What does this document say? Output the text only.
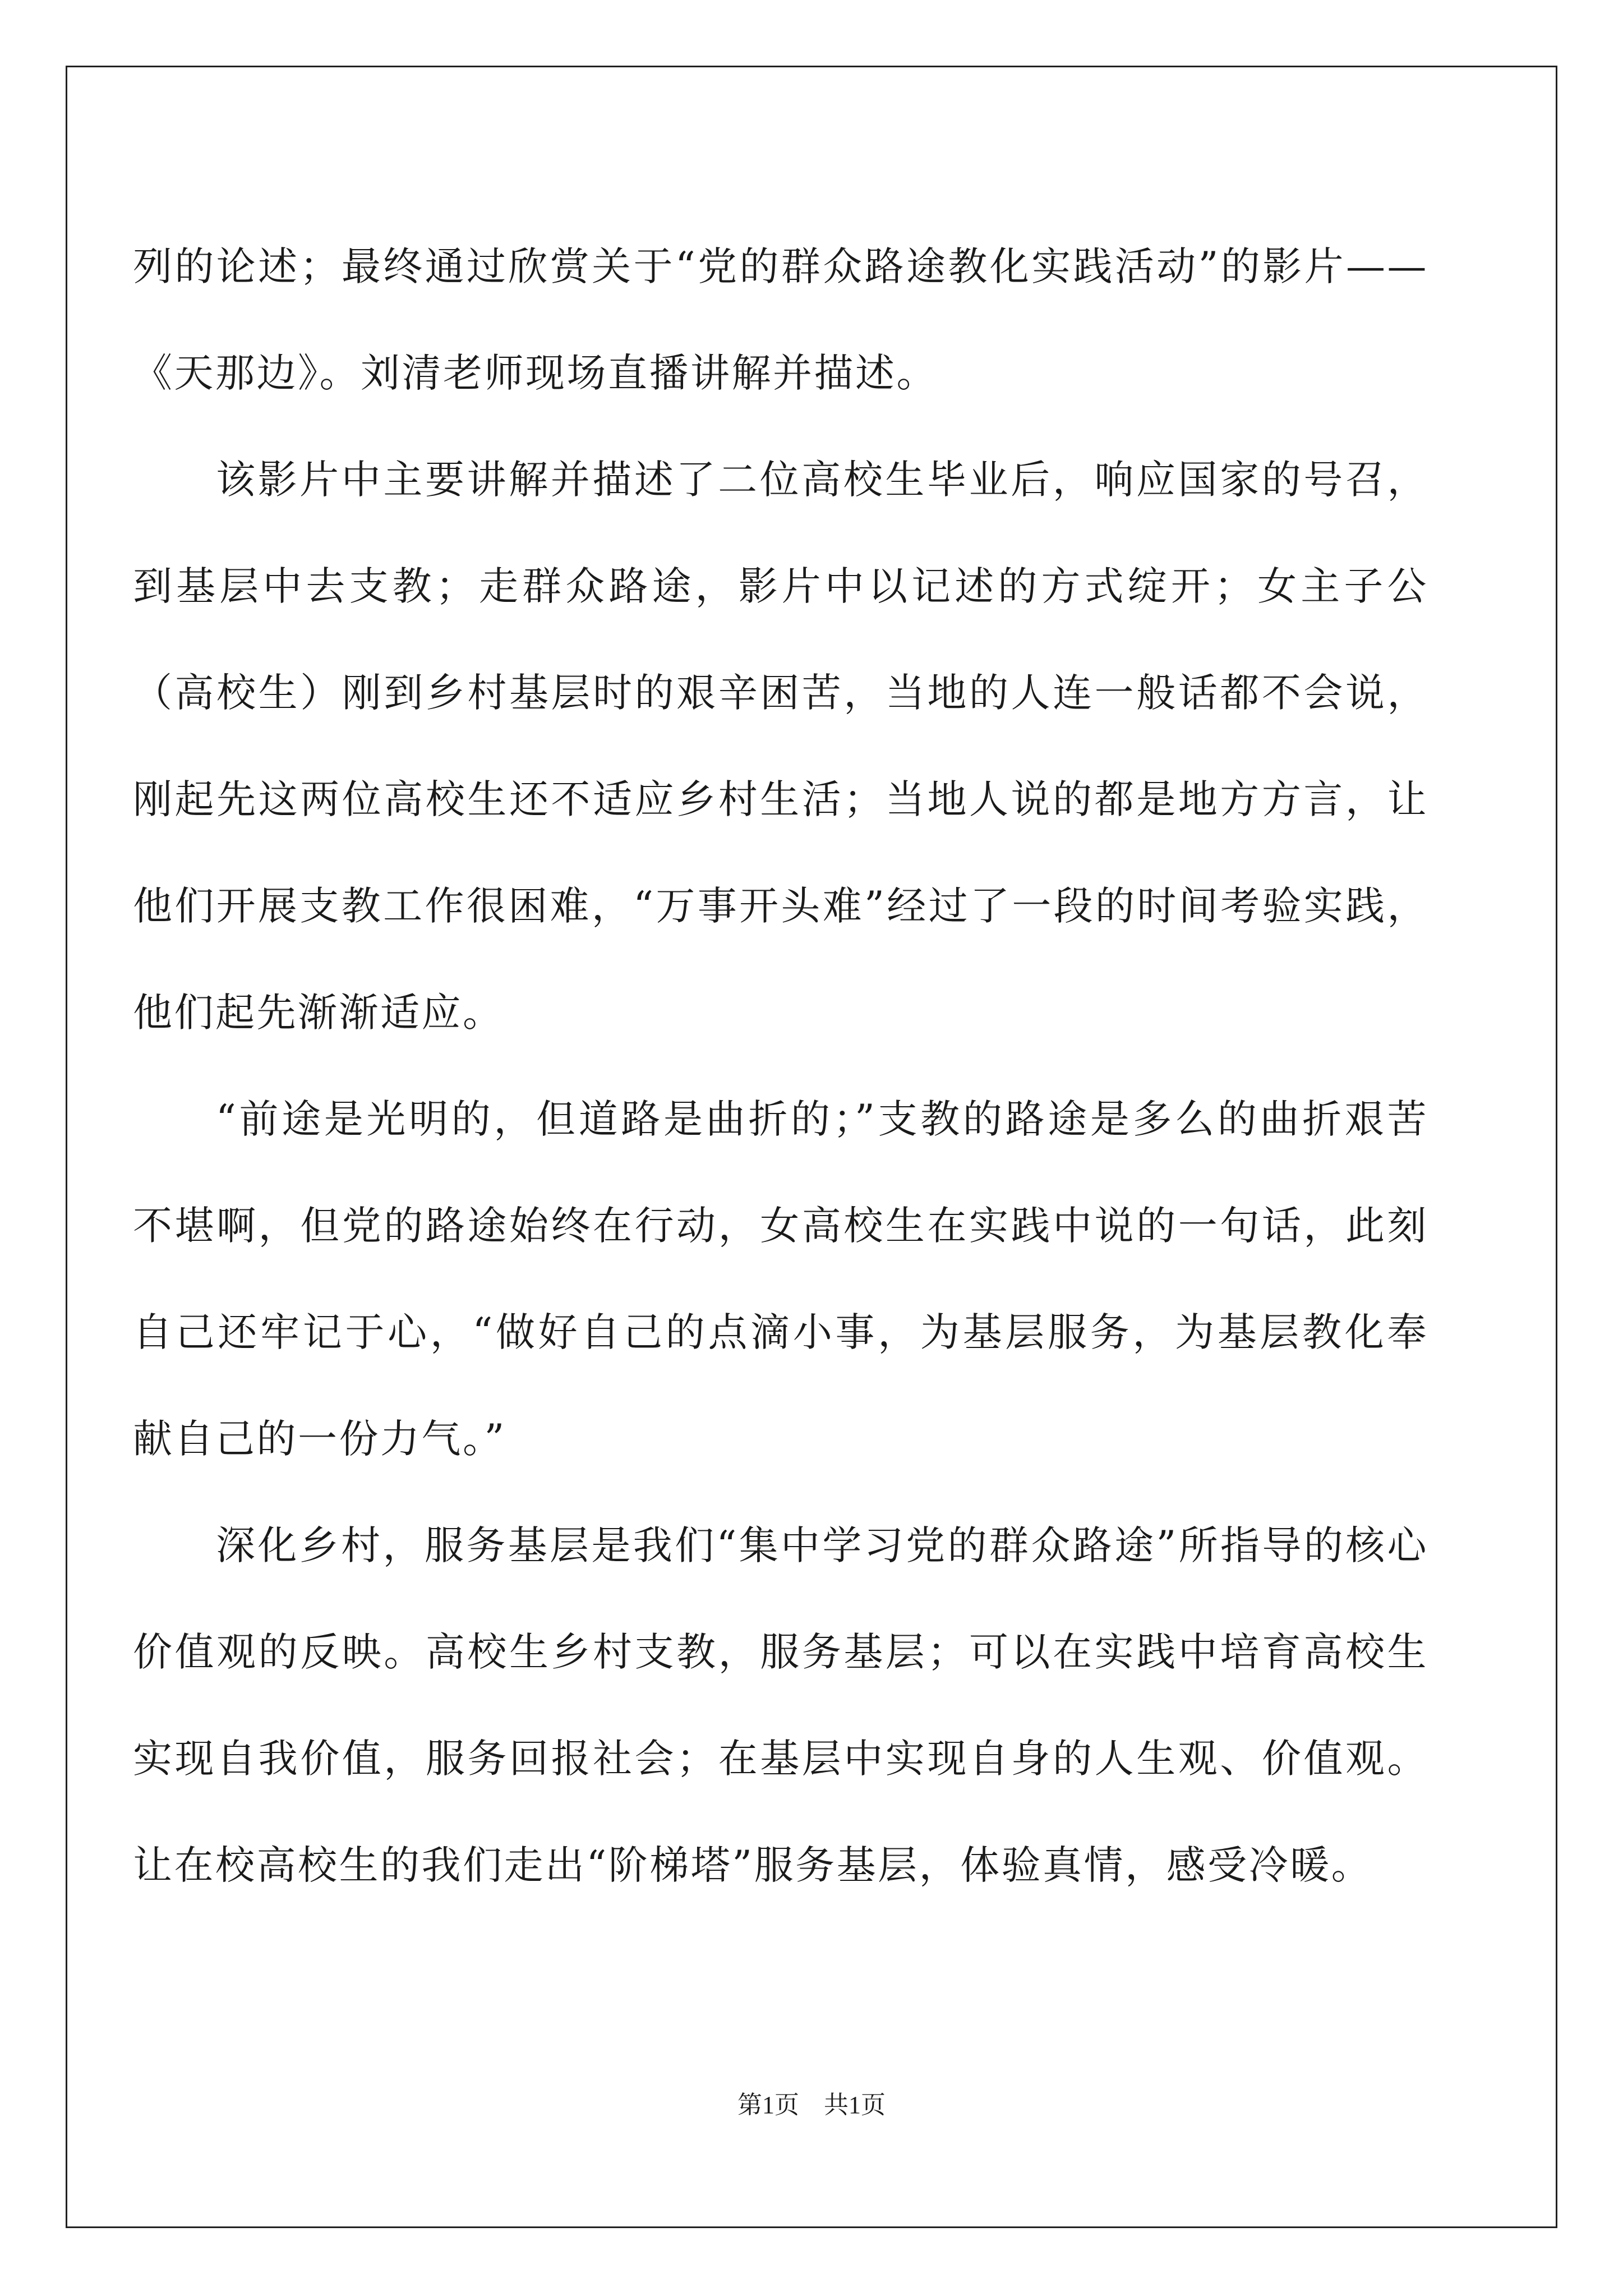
列的论述；最终通过欣赏关于“党的群众路途教化实践活动”的影片——《天那边》。刘清老师现场直播讲解并描述。

该影片中主要讲解并描述了二位高校生毕业后，响应国家的号召，到基层中去支教；走群众路途，影片中以记述的方式绽开；女主子公（高校生）刚到乡村基层时的艰辛困苦，当地的人连一般话都不会说，刚起先这两位高校生还不适应乡村生活；当地人说的都是地方方言，让他们开展支教工作很困难，“万事开头难”经过了一段的时间考验实践，他们起先渐渐适应。

“前途是光明的，但道路是曲折的；”支教的路途是多么的曲折艰苦不堪啊，但党的路途始终在行动，女高校生在实践中说的一句话，此刻自己还牢记于心，“做好自己的点滴小事，为基层服务，为基层教化奉献自己的一份力气。”

深化乡村，服务基层是我们“集中学习党的群众路途”所指导的核心价值观的反映。高校生乡村支教，服务基层；可以在实践中培育高校生实现自我价值，服务回报社会；在基层中实现自身的人生观、价值观。让在校高校生的我们走出“阶梯塔”服务基层，体验真情，感受冷暖。

第1页　共1页
